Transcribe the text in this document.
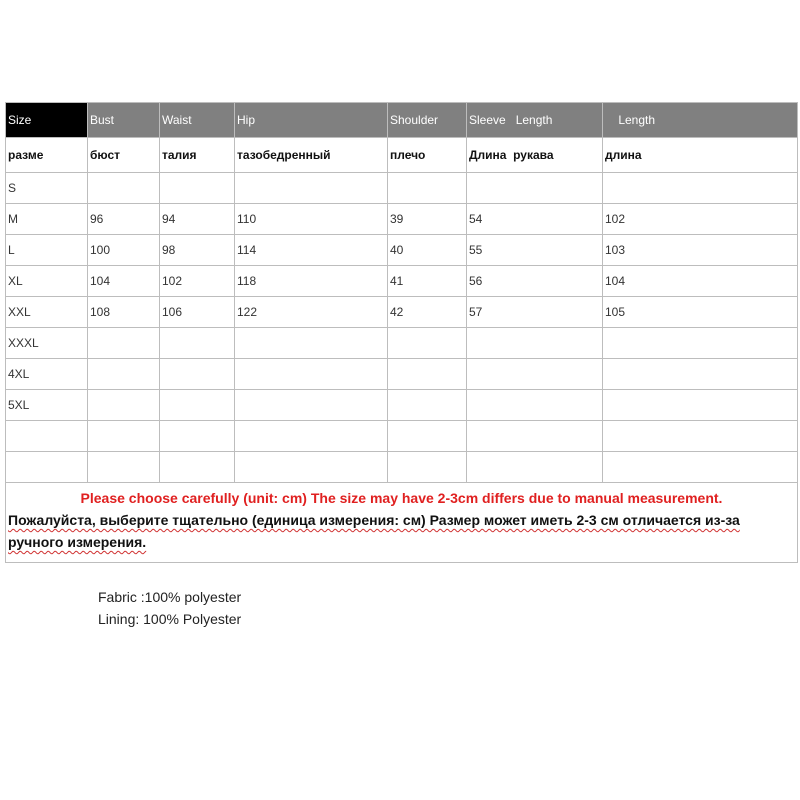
Size	Bust	Waist	Hip	Shoulder	Sleeve   Length	Length
разме	бюст	талия	тазобедренный	плечо	Длина  рукава	длина
S						
M	96	94	110	39	54	102
L	100	98	114	40	55	103
XL	104	102	118	41	56	104
XXL	108	106	122	42	57	105
XXXL						
4XL						
5XL						

Please choose carefully (unit: cm) The size may have 2-3cm differs due to manual measurement.
Пожалуйста, выберите тщательно (единица измерения: см) Размер может иметь 2-3 см отличается из-за ручного измерения.						
Fabric :100% polyester
Lining: 100% Polyester
